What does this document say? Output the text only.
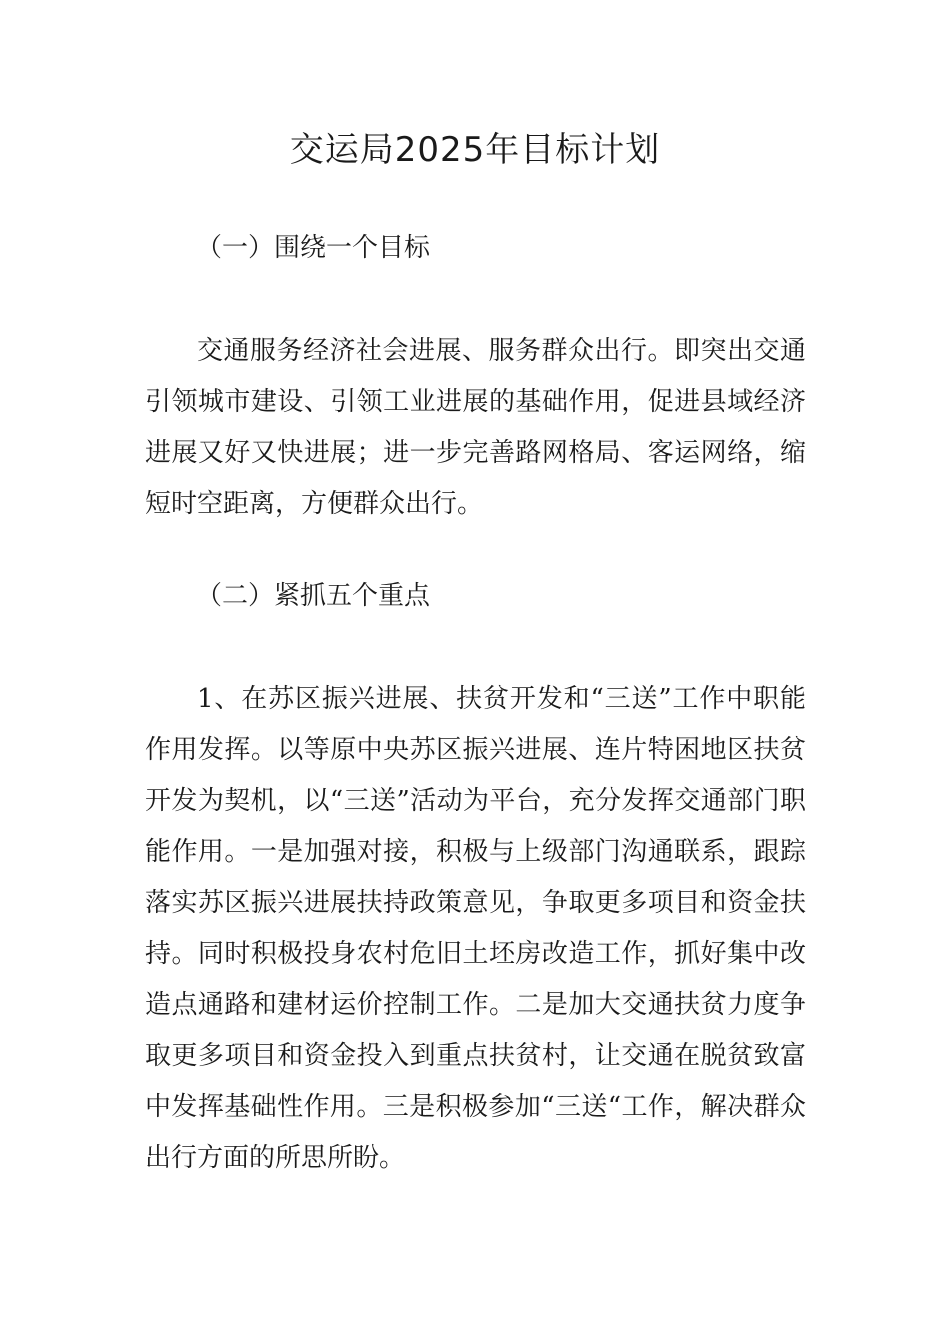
交运局2025年目标计划
（一）围绕一个目标

交通服务经济社会进展、服务群众出行。即突出交通引领城市建设、引领工业进展的基础作用，促进县域经济进展又好又快进展；进一步完善路网格局、客运网络，缩短时空距离，方便群众出行。

（二）紧抓五个重点

1、在苏区振兴进展、扶贫开发和“三送”工作中职能作用发挥。以等原中央苏区振兴进展、连片特困地区扶贫开发为契机，以“三送”活动为平台，充分发挥交通部门职能作用。一是加强对接，积极与上级部门沟通联系，跟踪落实苏区振兴进展扶持政策意见，争取更多项目和资金扶持。同时积极投身农村危旧土坯房改造工作，抓好集中改造点通路和建材运价控制工作。二是加大交通扶贫力度争取更多项目和资金投入到重点扶贫村，让交通在脱贫致富中发挥基础性作用。三是积极参加“三送“工作，解决群众出行方面的所思所盼。
